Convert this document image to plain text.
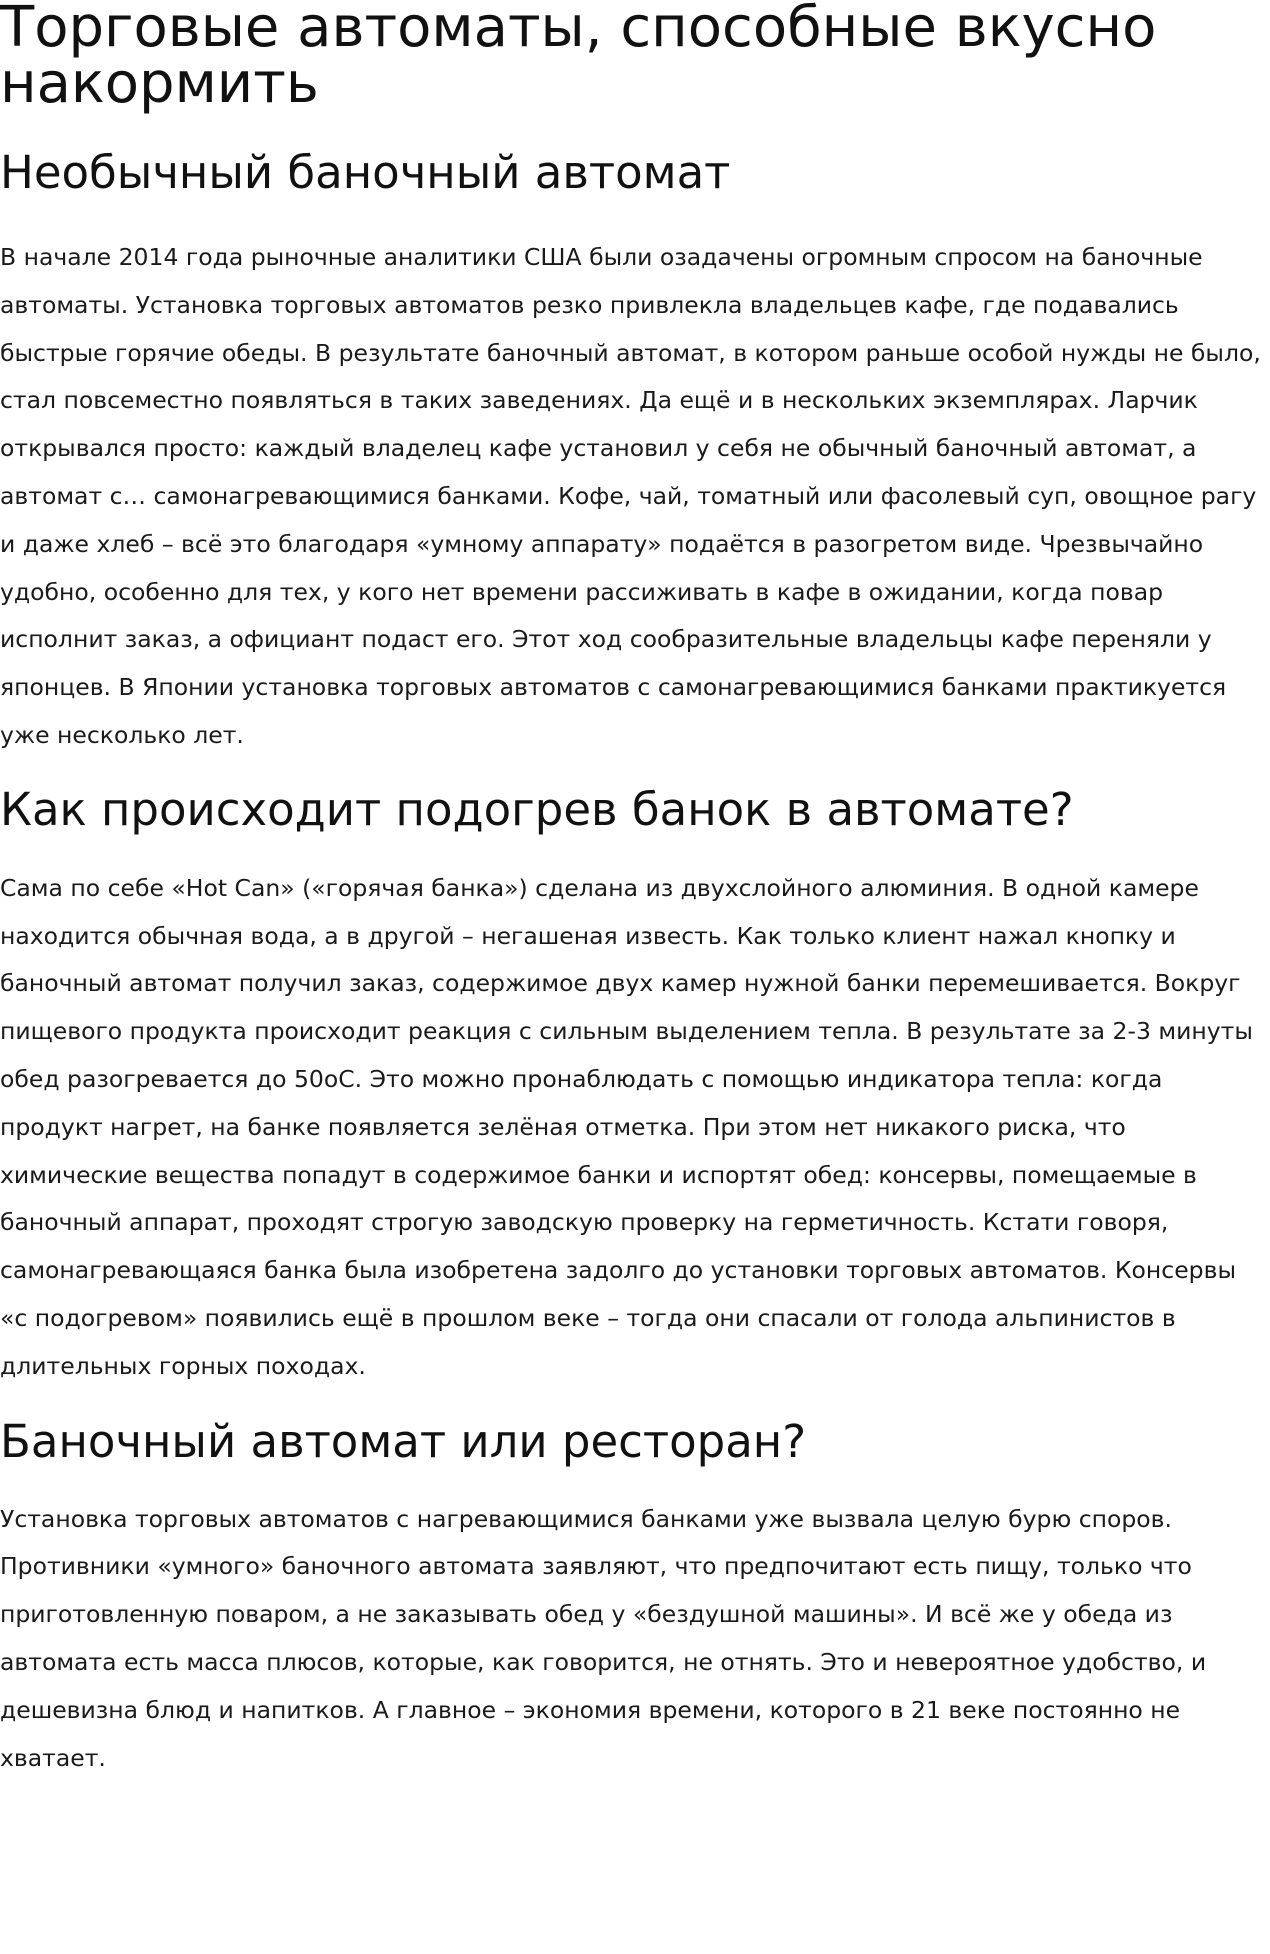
Торговые автоматы, способные вкусно накормить
Необычный баночный автомат

В начале 2014 года рыночные аналитики США были озадачены огромным спросом на баночные автоматы. Установка торговых автоматов резко привлекла владельцев кафе, где подавались быстрые горячие обеды. В результате баночный автомат, в котором раньше особой нужды не было, стал повсеместно появляться в таких заведениях. Да ещё и в нескольких экземплярах. Ларчик открывался просто: каждый владелец кафе установил у себя не обычный баночный автомат, а автомат с… самонагревающимися банками. Кофе, чай, томатный или фасолевый суп, овощное рагу и даже хлеб – всё это благодаря «умному аппарату» подаётся в разогретом виде. Чрезвычайно удобно, особенно для тех, у кого нет времени рассиживать в кафе в ожидании, когда повар исполнит заказ, а официант подаст его. Этот ход сообразительные владельцы кафе переняли у японцев. В Японии установка торговых автоматов с самонагревающимися банками практикуется уже несколько лет.

Как происходит подогрев банок в автомате?

Сама по себе «Hot Can» («горячая банка») сделана из двухслойного алюминия. В одной камере находится обычная вода, а в другой – негашеная известь. Как только клиент нажал кнопку и баночный автомат получил заказ, содержимое двух камер нужной банки перемешивается. Вокруг пищевого продукта происходит реакция с сильным выделением тепла. В результате за 2-3 минуты обед разогревается до 50оС. Это можно пронаблюдать с помощью индикатора тепла: когда продукт нагрет, на банке появляется зелёная отметка. При этом нет никакого риска, что химические вещества попадут в содержимое банки и испортят обед: консервы, помещаемые в баночный аппарат, проходят строгую заводскую проверку на герметичность. Кстати говоря, самонагревающаяся банка была изобретена задолго до установки торговых автоматов. Консервы «с подогревом» появились ещё в прошлом веке – тогда они спасали от голода альпинистов в длительных горных походах.

Баночный автомат или ресторан?

Установка торговых автоматов с нагревающимися банками уже вызвала целую бурю споров. Противники «умного» баночного автомата заявляют, что предпочитают есть пищу, только что приготовленную поваром, а не заказывать обед у «бездушной машины». И всё же у обеда из автомата есть масса плюсов, которые, как говорится, не отнять. Это и невероятное удобство, и дешевизна блюд и напитков. А главное – экономия времени, которого в 21 веке постоянно не хватает.
